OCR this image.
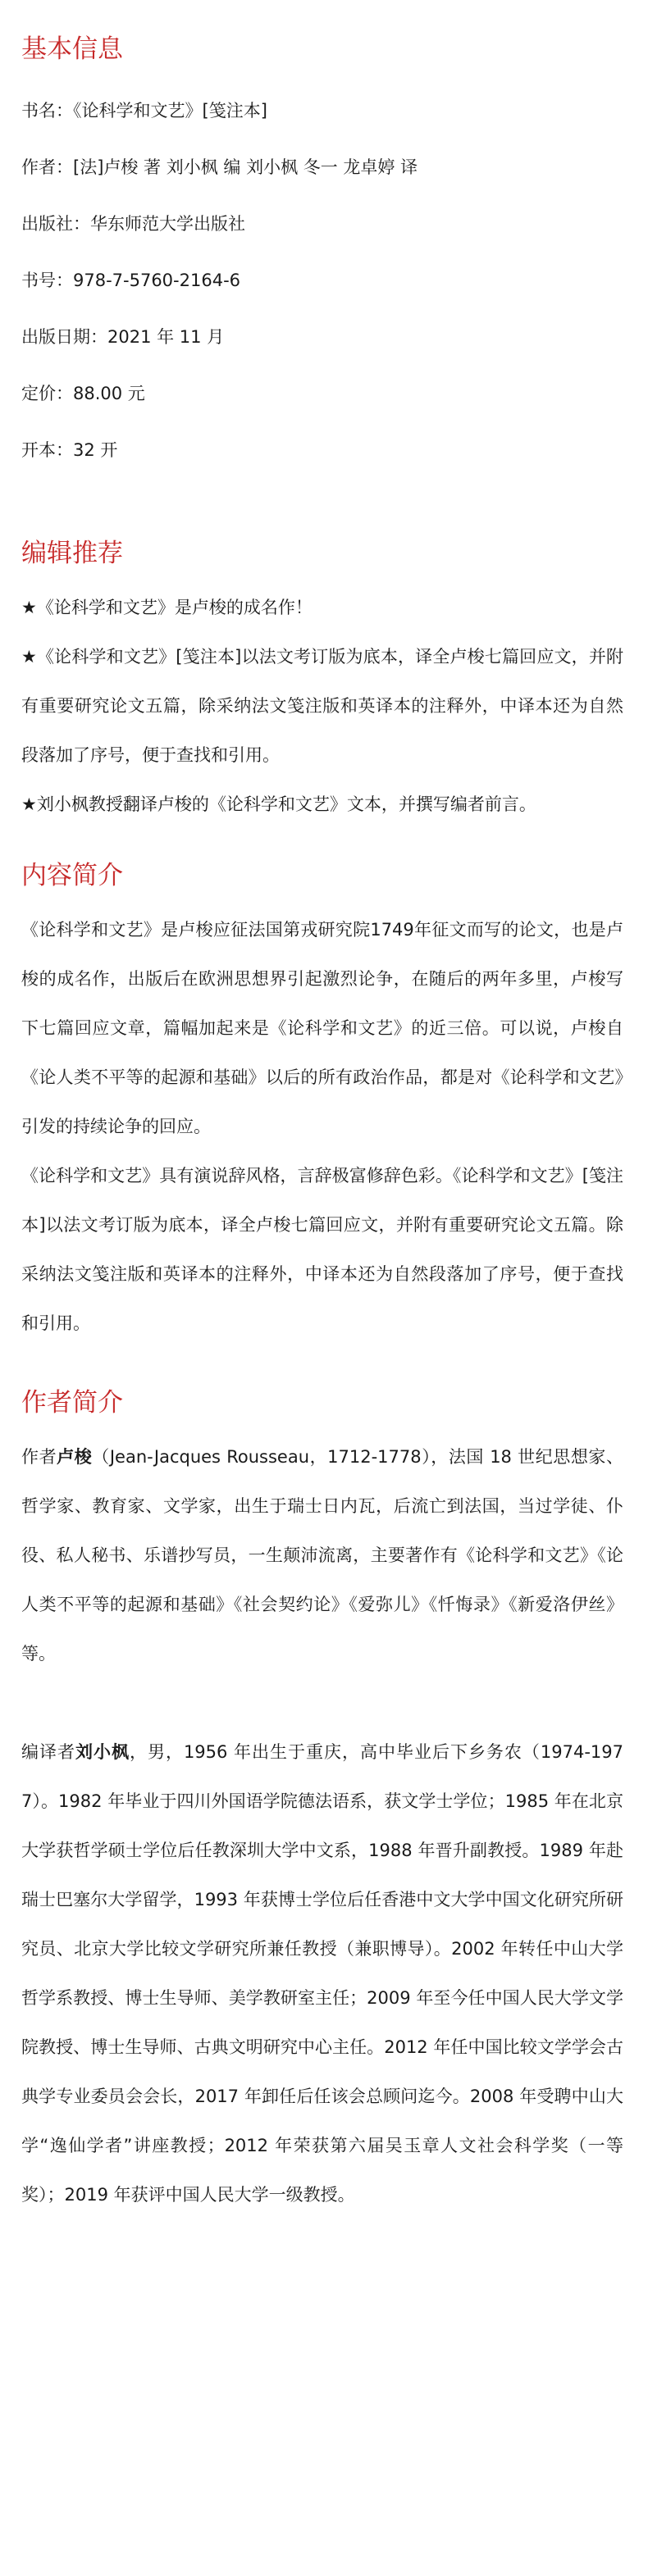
基本信息

书名：《论科学和文艺》[笺注本]

作者：[法]卢梭 著 刘小枫 编 刘小枫 冬一 龙卓婷 译

出版社：华东师范大学出版社

书号：978-7-5760-2164-6

出版日期：2021 年 11 月

定价：88.00 元

开本：32 开

编辑推荐

★《论科学和文艺》是卢梭的成名作！

★《论科学和文艺》[笺注本]以法文考订版为底本，译全卢梭七篇回应文，并附有重要研究论文五篇，除采纳法文笺注版和英译本的注释外，中译本还为自然段落加了序号，便于查找和引用。

★刘小枫教授翻译卢梭的《论科学和文艺》文本，并撰写编者前言。

内容简介

《论科学和文艺》是卢梭应征法国第戎研究院1749年征文而写的论文，也是卢梭的成名作，出版后在欧洲思想界引起激烈论争，在随后的两年多里，卢梭写下七篇回应文章，篇幅加起来是《论科学和文艺》的近三倍。可以说，卢梭自《论人类不平等的起源和基础》以后的所有政治作品，都是对《论科学和文艺》引发的持续论争的回应。

《论科学和文艺》具有演说辞风格，言辞极富修辞色彩。《论科学和文艺》[笺注本]以法文考订版为底本，译全卢梭七篇回应文，并附有重要研究论文五篇。除采纳法文笺注版和英译本的注释外，中译本还为自然段落加了序号，便于查找和引用。

作者简介

作者卢梭（Jean-Jacques Rousseau，1712-1778），法国 18 世纪思想家、哲学家、教育家、文学家，出生于瑞士日内瓦，后流亡到法国，当过学徒、仆役、私人秘书、乐谱抄写员，一生颠沛流离，主要著作有《论科学和文艺》《论人类不平等的起源和基础》《社会契约论》《爱弥儿》《忏悔录》《新爱洛伊丝》等。

编译者刘小枫，男，1956 年出生于重庆，高中毕业后下乡务农（1974-1977）。1982 年毕业于四川外国语学院德法语系，获文学士学位；1985 年在北京大学获哲学硕士学位后任教深圳大学中文系，1988 年晋升副教授。1989 年赴瑞士巴塞尔大学留学，1993 年获博士学位后任香港中文大学中国文化研究所研究员、北京大学比较文学研究所兼任教授（兼职博导）。2002 年转任中山大学哲学系教授、博士生导师、美学教研室主任；2009 年至今任中国人民大学文学院教授、博士生导师、古典文明研究中心主任。2012 年任中国比较文学学会古典学专业委员会会长，2017 年卸任后任该会总顾问迄今。2008 年受聘中山大学“逸仙学者”讲座教授；2012 年荣获第六届吴玉章人文社会科学奖（一等奖）；2019 年获评中国人民大学一级教授。
